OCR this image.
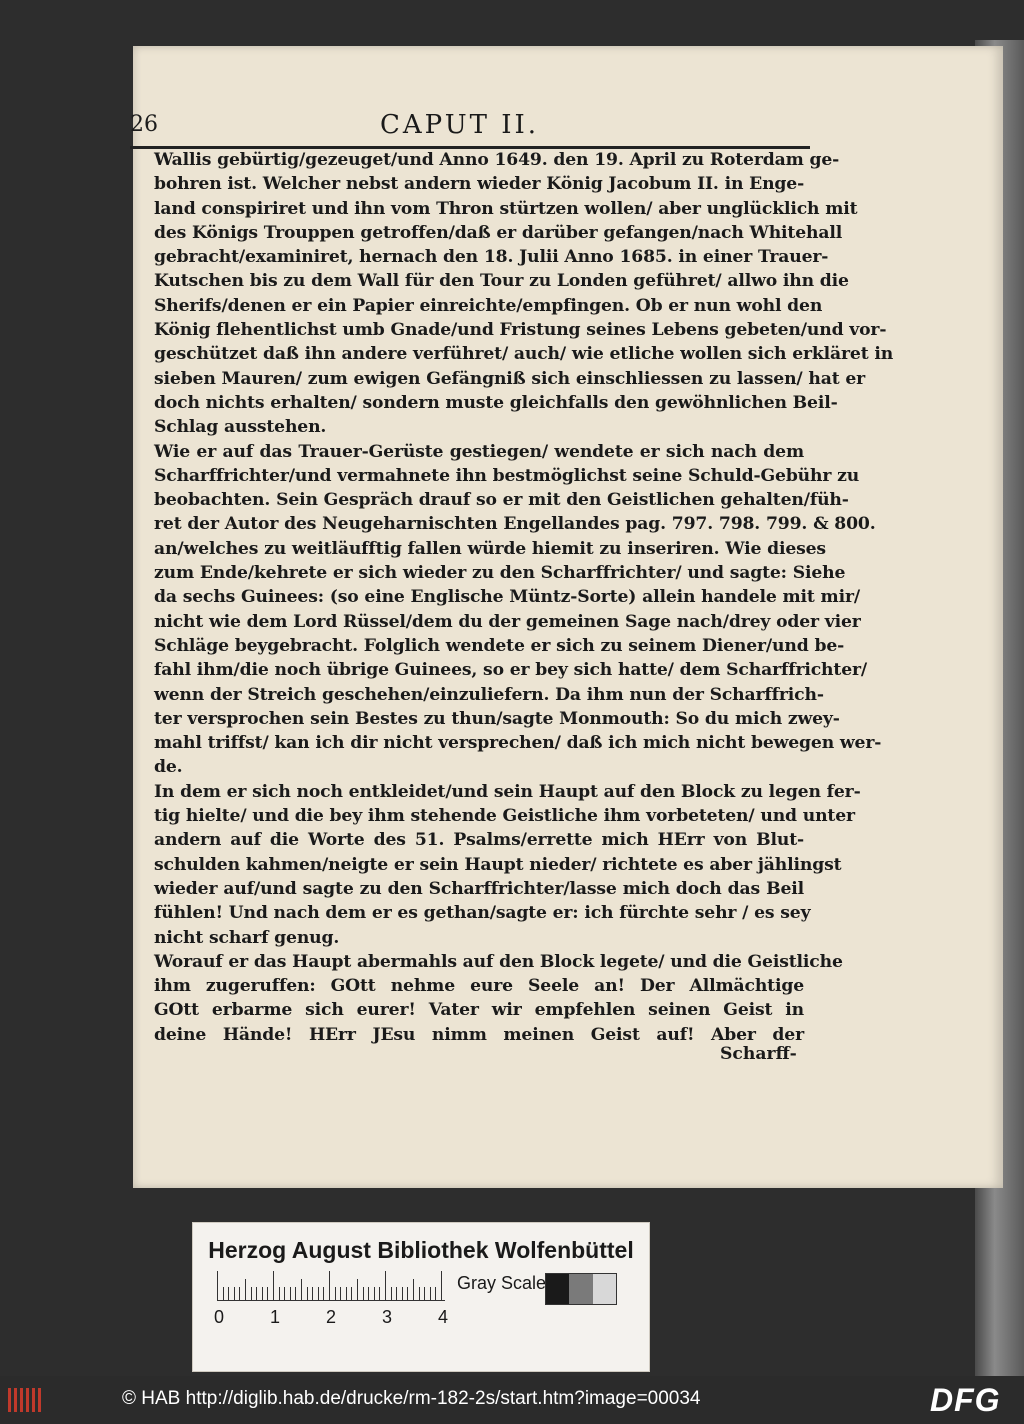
26	CAPUT II.
Wallis gebürtig/gezeuget/und Anno 1649. den 19. April zu Roterdam ge-
bohren ist. Welcher nebst andern wieder König Jacobum II. in Enge-
land conspiriret und ihn vom Thron stürtzen wollen/ aber unglücklich mit
des Königs Trouppen getroffen/daß er darüber gefangen/nach Whitehall
gebracht/examiniret, hernach den 18. Julii Anno 1685. in einer Trauer-
Kutschen bis zu dem Wall für den Tour zu Londen geführet/ allwo ihn die
Sherifs/denen er ein Papier einreichte/empfingen. Ob er nun wohl den
König flehentlichst umb Gnade/und Fristung seines Lebens gebeten/und vor-
geschützet daß ihn andere verführet/ auch/ wie etliche wollen sich erkläret in
sieben Mauren/ zum ewigen Gefängniß sich einschliessen zu lassen/ hat er
doch nichts erhalten/ sondern muste gleichfalls den gewöhnlichen Beil-
Schlag ausstehen.
Wie er auf das Trauer-Gerüste gestiegen/ wendete er sich nach dem
Scharffrichter/und vermahnete ihn bestmöglichst seine Schuld-Gebühr zu
beobachten. Sein Gespräch drauf so er mit den Geistlichen gehalten/füh-
ret der Autor des Neugeharnischten Engellandes pag. 797. 798. 799. & 800.
an/welches zu weitläufftig fallen würde hiemit zu inseriren. Wie dieses
zum Ende/kehrete er sich wieder zu den Scharffrichter/ und sagte: Siehe
da sechs Guinees: (so eine Englische Müntz-Sorte) allein handele mit mir/
nicht wie dem Lord Rüssel/dem du der gemeinen Sage nach/drey oder vier
Schläge beygebracht. Folglich wendete er sich zu seinem Diener/und be-
fahl ihm/die noch übrige Guinees, so er bey sich hatte/ dem Scharffrichter/
wenn der Streich geschehen/einzuliefern. Da ihm nun der Scharffrich-
ter versprochen sein Bestes zu thun/sagte Monmouth: So du mich zwey-
mahl triffst/ kan ich dir nicht versprechen/ daß ich mich nicht bewegen wer-
de.
In dem er sich noch entkleidet/und sein Haupt auf den Block zu legen fer-
tig hielte/ und die bey ihm stehende Geistliche ihm vorbeteten/ und unter
andern auf die Worte des 51. Psalms/errette mich HErr von Blut-
schulden kahmen/neigte er sein Haupt nieder/ richtete es aber jählingst
wieder auf/und sagte zu den Scharffrichter/lasse mich doch das Beil
fühlen! Und nach dem er es gethan/sagte er: ich fürchte sehr / es sey
nicht scharf genug.
Worauf er das Haupt abermahls auf den Block legete/ und die Geistliche
ihm zugeruffen: GOtt nehme eure Seele an! Der Allmächtige
GOtt erbarme sich eurer! Vater wir empfehlen seinen Geist in
deine Hände! HErr JEsu nimm meinen Geist auf! Aber der
Scharff-
Herzog August Bibliothek Wolfenbüttel
0	1	2	3	4
Gray Scale
© HAB http://diglib.hab.de/drucke/rm-182-2s/start.htm?image=00034	DFG
